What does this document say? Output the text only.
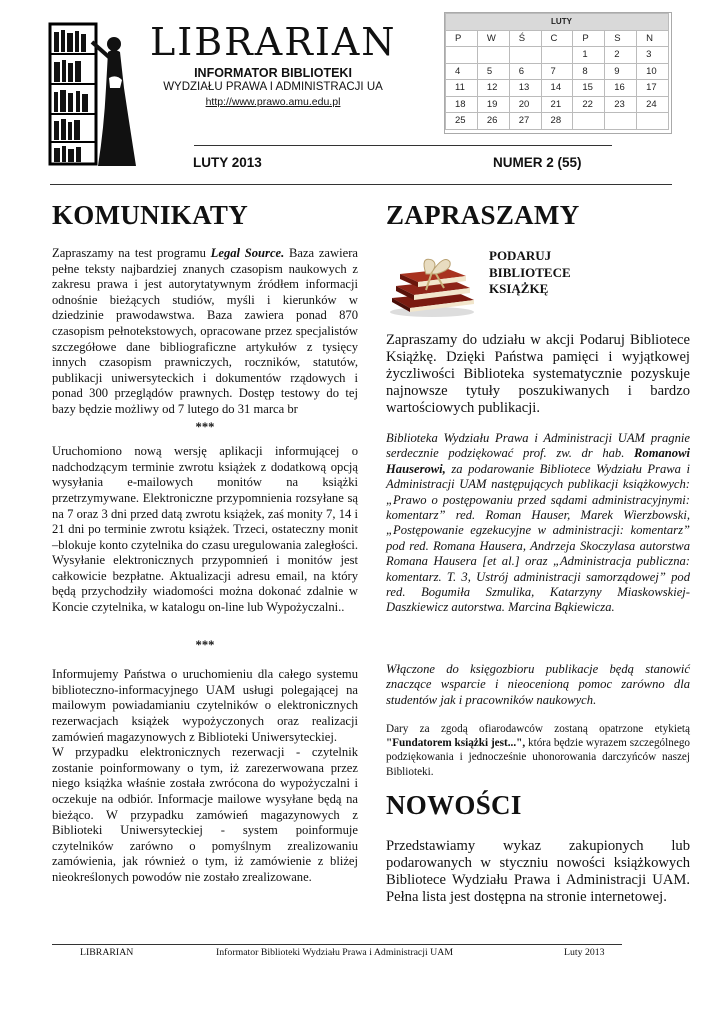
LIBRARIAN
INFORMATOR BIBLIOTEKI
WYDZIAŁU PRAWA I ADMINISTRACJI UA
http://www.prawo.amu.edu.pl
LUTY						
P	W	Ś	C	P	S	N
				1	2	3
4	5	6	7	8	9	10
11	12	13	14	15	16	17
18	19	20	21	22	23	24
25	26	27	28			
LUTY 2013	NUMER 2 (55)
KOMUNIKATY

Zapraszamy na test programu Legal Source. Baza zawiera pełne teksty najbardziej znanych czasopism naukowych z zakresu prawa i jest autorytatywnym źródłem informacji odnośnie bieżących studiów, myśli i kierunków w dziedzinie prawodawstwa. Baza zawiera ponad 870 czasopism pełnotekstowych, opracowane przez specjalistów szczegółowe dane bibliograficzne artykułów z tysięcy innych czasopism prawniczych, roczników, statutów, publikacji uniwersyteckich i dokumentów rządowych i ponad 300 przeglądów prawnych. Dostęp testowy do tej bazy będzie możliwy od 7 lutego do 31 marca br

***

Uruchomiono nową wersję aplikacji informującej o nadchodzącym terminie zwrotu książek z dodatkową opcją wysyłania e-mailowych monitów na książki przetrzymywane. Elektroniczne przypomnienia rozsyłane są na 7 oraz 3 dni przed datą zwrotu książek, zaś monity 7, 14 i 21 dni po terminie zwrotu książek. Trzeci, ostateczny monit –blokuje konto czytelnika do czasu uregulowania zaległości.

Wysyłanie elektronicznych przypomnień i monitów jest całkowicie bezpłatne. Aktualizacji adresu email, na który będą przychodziły wiadomości można dokonać zdalnie w Koncie czytelnika, w katalogu on-line lub Wypożyczalni..

***

Informujemy Państwa o uruchomieniu dla całego systemu biblioteczno-informacyjnego UAM usługi polegającej na mailowym powiadamianiu czytelników o elektronicznych rezerwacjach książek wypożyczonych oraz realizacji zamówień magazynowych z Biblioteki Uniwersyteckiej.

W przypadku elektronicznych rezerwacji - czytelnik zostanie poinformowany o tym, iż zarezerwowana przez niego książka właśnie została zwrócona do wypożyczalni i oczekuje na odbiór. Informacje mailowe wysyłane będą na bieżąco. W przypadku zamówień magazynowych z Biblioteki Uniwersyteckiej - system poinformuje czytelników zarówno o pomyślnym zrealizowaniu zamówienia, jak również o tym, iż zamówienie z bliżej nieokreślonych powodów nie zostało zrealizowane.

ZAPRASZAMY
PODARUJ
BIBLIOTECE
KSIĄŻKĘ
Zapraszamy do udziału w akcji Podaruj Bibliotece Książkę. Dzięki Państwa pamięci i wyjątkowej życzliwości Biblioteka systematycznie pozyskuje najnowsze tytuły poszukiwanych i bardzo wartościowych publikacji.
Biblioteka Wydziału Prawa i Administracji UAM pragnie serdecznie podziękować prof. zw. dr hab. Romanowi Hauserowi, za podarowanie Bibliotece Wydziału Prawa i Administracji UAM następujących publikacji książkowych: „Prawo o postępowaniu przed sądami administracyjnymi: komentarz” red. Roman Hauser, Marek Wierzbowski, „Postępowanie egzekucyjne w administracji: komentarz” pod red. Romana Hausera, Andrzeja Skoczylasa autorstwa Romana Hausera [et al.] oraz „Administracja publiczna: komentarz. T. 3, Ustrój administracji samorządowej” pod red. Bogumiła Szmulika, Katarzyny Miaskowskiej-Daszkiewicz autorstwa. Marcina Bąkiewicza.
Włączone do księgozbioru publikacje będą stanowić znaczące wsparcie i nieocenioną pomoc zarówno dla studentów jak i pracowników naukowych.
Dary za zgodą ofiarodawców zostaną opatrzone etykietą "Fundatorem książki jest...", która będzie wyrazem szczególnego podziękowania i jednocześnie uhonorowania darczyńców naszej Biblioteki.
NOWOŚCI
Przedstawiamy wykaz zakupionych lub podarowanych w styczniu nowości książkowych Bibliotece Wydziału Prawa i Administracji UAM. Pełna lista jest dostępna na stronie internetowej.
LIBRARIAN	Informator Biblioteki Wydziału Prawa i Administracji UAM	Luty 2013
